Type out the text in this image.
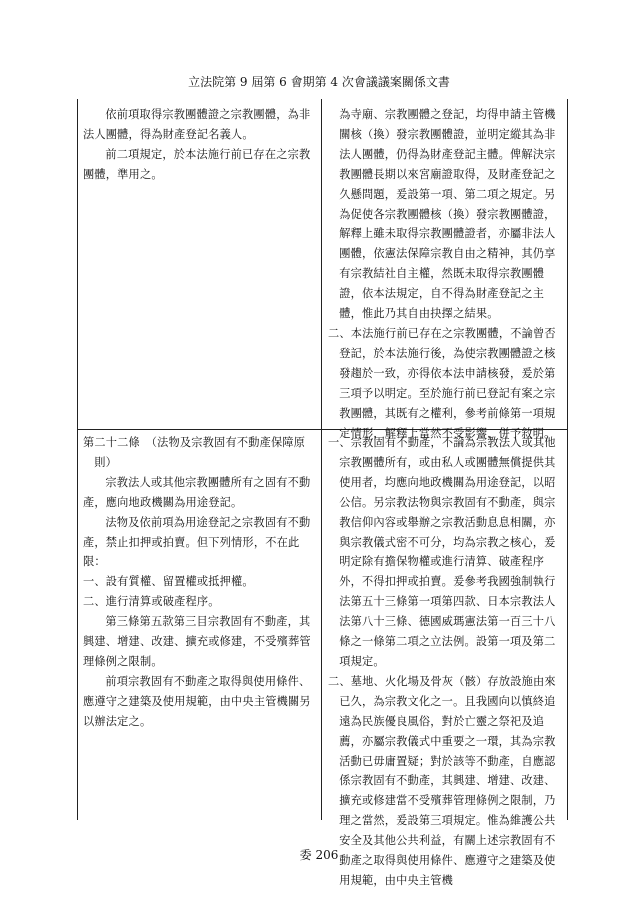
立法院第 9 屆第 6 會期第 4 次會議議案關係文書

依前項取得宗教團體證之宗教團體，為非法人團體，得為財產登記名義人。

前二項規定，於本法施行前已存在之宗教團體，準用之。

為寺廟、宗教團體之登記，均得申請主管機關核（換）發宗教團體證，並明定縱其為非法人團體，仍得為財產登記主體。俾解決宗教團體長期以來宮廟證取得，及財產登記之久懸問題，爰設第一項、第二項之規定。另為促使各宗教團體核（換）發宗教團體證，解釋上雖未取得宗教團體證者，亦屬非法人團體，依憲法保障宗教自由之精神，其仍享有宗教結社自主權，然既未取得宗教團體證，依本法規定，自不得為財產登記之主體，惟此乃其自由抉擇之結果。

二、本法施行前已存在之宗教團體，不論曾否登記，於本法施行後，為使宗教團體證之核發趨於一致，亦得依本法申請核發，爰於第三項予以明定。至於施行前已登記有案之宗教團體，其既有之權利，參考前條第一項規定情形，解釋上當然不受影響，併予敘明。

第二十二條　（法物及宗教固有不動產保障原則）

宗教法人或其他宗教團體所有之固有不動產，應向地政機關為用途登記。

法物及依前項為用途登記之宗教固有不動產，禁止扣押或拍賣。但下列情形，不在此限：

一、設有質權、留置權或抵押權。

二、進行清算或破產程序。

第三條第五款第三目宗教固有不動產，其興建、增建、改建、擴充或修建，不受殯葬管理條例之限制。

前項宗教固有不動產之取得與使用條件、應遵守之建築及使用規範，由中央主管機關另以辦法定之。

一、宗教固有不動產，不論為宗教法人或其他宗教團體所有，或由私人或團體無償提供其使用者，均應向地政機關為用途登記，以昭公信。另宗教法物與宗教固有不動產，與宗教信仰內容或舉辦之宗教活動息息相關，亦與宗教儀式密不可分，均為宗教之核心，爰明定除有擔保物權或進行清算、破產程序外，不得扣押或拍賣。爰參考我國強制執行法第五十三條第一項第四款、日本宗教法人法第八十三條、德國威瑪憲法第一百三十八條之一條第二項之立法例。設第一項及第二項規定。

二、墓地、火化場及骨灰（骸）存放設施由來已久，為宗教文化之一。且我國向以慎終追遠為民族優良風俗，對於亡靈之祭祀及追薦，亦屬宗教儀式中重要之一環，其為宗教活動已毋庸置疑；對於該等不動產，自應認係宗教固有不動產，其興建、增建、改建、擴充或修建當不受殯葬管理條例之限制，乃理之當然，爰設第三項規定。惟為維護公共安全及其他公共利益，有關上述宗教固有不動產之取得與使用條件、應遵守之建築及使用規範，由中央主管機

委 206
